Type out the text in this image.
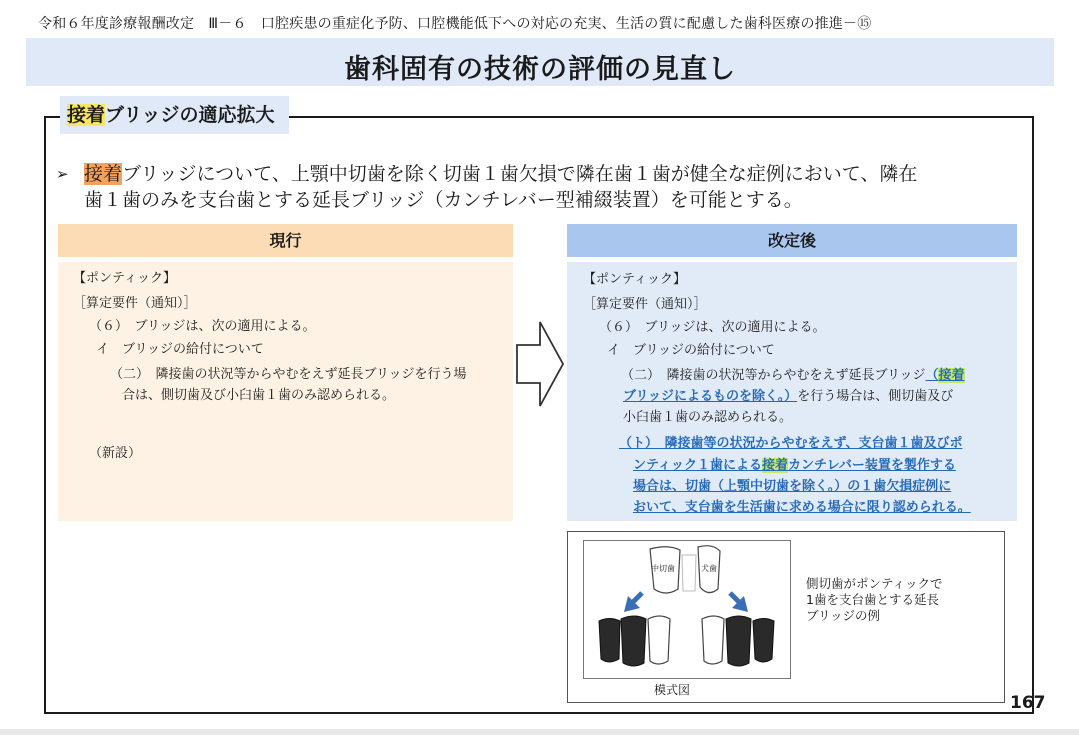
令和６年度診療報酬改定　Ⅲ－６　口腔疾患の重症化予防、口腔機能低下への対応の充実、生活の質に配慮した歯科医療の推進－⑮
歯科固有の技術の評価の見直し
接着ブリッジの適応拡大
➢ 接着ブリッジについて、上顎中切歯を除く切歯１歯欠損で隣在歯１歯が健全な症例において、隣在
歯１歯のみを支台歯とする延長ブリッジ（カンチレバー型補綴装置）を可能とする。
現行	改定後
【ポンティック】
［算定要件（通知）］
（６）　ブリッジは、次の適用による。
イ　ブリッジの給付について
（二）　隣接歯の状況等からやむをえず延長ブリッジを行う場
合は、側切歯及び小臼歯１歯のみ認められる。
（新設）
【ポンティック】
［算定要件（通知）］
（６）　ブリッジは、次の適用による。
イ　ブリッジの給付について
（二）　隣接歯の状況等からやむをえず延長ブリッジ（接着
ブリッジによるものを除く。）を行う場合は、側切歯及び
小臼歯１歯のみ認められる。
（ト）　隣接歯等の状況からやむをえず、支台歯１歯及びポ
ンティック１歯による接着カンチレバー装置を製作する
場合は、切歯（上顎中切歯を除く。）の１歯欠損症例に
おいて、支台歯を生活歯に求める場合に限り認められる。
中切歯	犬歯
側切歯がポンティックで
1歯を支台歯とする延長
ブリッジの例
模式図
167
